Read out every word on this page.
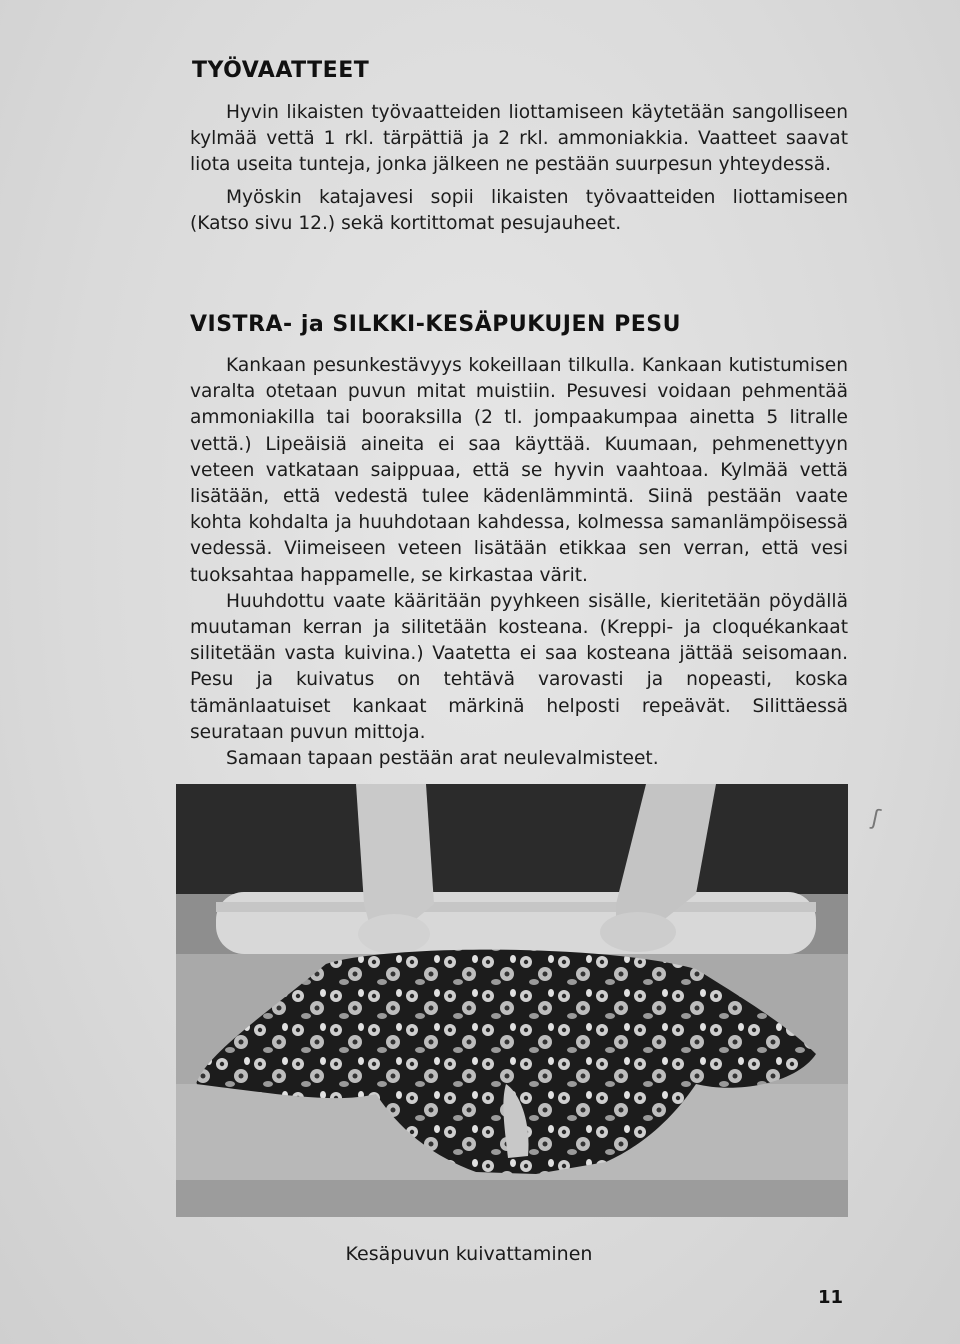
TYÖVAATTEET

Hyvin likaisten työvaatteiden liottamiseen käytetään sangolliseen kylmää vettä 1 rkl. tärpättiä ja 2 rkl. ammoniakkia. Vaatteet saavat liota useita tunteja, jonka jälkeen ne pestään suurpesun yhteydessä.

Myöskin katajavesi sopii likaisten työvaatteiden liottamiseen (Katso sivu 12.) sekä kortittomat pesujauheet.

VISTRA- ja SILKKI-KESÄPUKUJEN PESU

Kankaan pesunkestävyys kokeillaan tilkulla. Kankaan kutistumisen varalta otetaan puvun mitat muistiin. Pesuvesi voidaan pehmentää ammoniakilla tai booraksilla (2 tl. jompaakumpaa ainetta 5 litralle vettä.) Lipeäisiä aineita ei saa käyttää. Kuumaan, pehmenettyyn veteen vatkataan saippuaa, että se hyvin vaahtoaa. Kylmää vettä lisätään, että vedestä tulee kädenlämmintä. Siinä pestään vaate kohta kohdalta ja huuhdotaan kahdessa, kolmessa samanlämpöisessä vedessä. Viimeiseen veteen lisätään etikkaa sen verran, että vesi tuoksahtaa happamelle, se kirkastaa värit.

Huuhdottu vaate kääritään pyyhkeen sisälle, kieritetään pöydällä muutaman kerran ja silitetään kosteana. (Kreppi- ja cloquékankaat silitetään vasta kuivina.) Vaatetta ei saa kosteana jättää seisomaan. Pesu ja kuivatus on tehtävä varovasti ja nopeasti, koska tämänlaatuiset kankaat märkinä helposti repeävät. Silittäessä seurataan puvun mittoja.

Samaan tapaan pestään arat neulevalmisteet.

Kesäpuvun kuivattaminen
11
ʃ
